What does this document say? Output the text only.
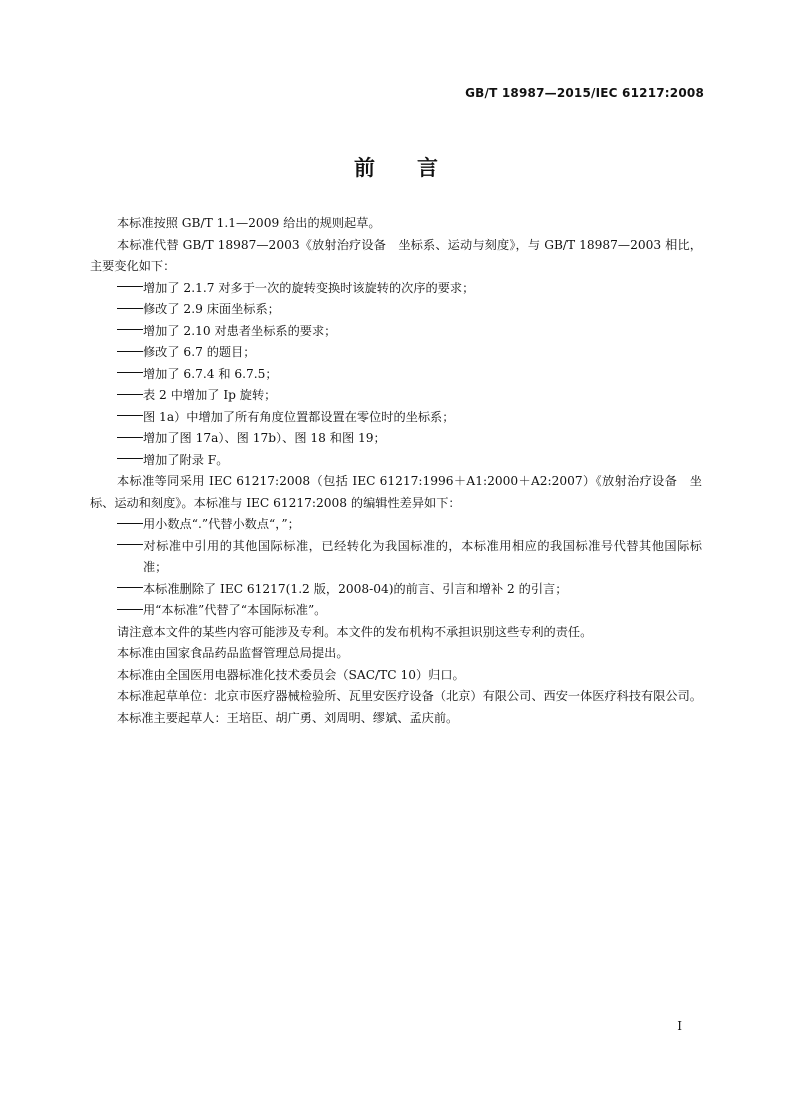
GB/T 18987—2015/IEC 61217:2008
前言
本标准按照 GB/T 1.1—2009 给出的规则起草。
本标准代替 GB/T 18987—2003《放射治疗设备　坐标系、运动与刻度》，与 GB/T 18987—2003 相比，主要变化如下：
增加了 2.1.7 对多于一次的旋转变换时该旋转的次序的要求；
修改了 2.9 床面坐标系；
增加了 2.10 对患者坐标系的要求；
修改了 6.7 的题目；
增加了 6.7.4 和 6.7.5；
表 2 中增加了 Ip 旋转；
图 1a）中增加了所有角度位置都设置在零位时的坐标系；
增加了图 17a）、图 17b）、图 18 和图 19；
增加了附录 F。
本标准等同采用 IEC 61217:2008（包括 IEC 61217:1996＋A1:2000＋A2:2007）《放射治疗设备　坐标、运动和刻度》。本标准与 IEC 61217:2008 的编辑性差异如下：
用小数点“.”代替小数点“，”；
对标准中引用的其他国际标准，已经转化为我国标准的，本标准用相应的我国标准号代替其他国际标准；
本标准删除了 IEC 61217(1.2 版，2008-04)的前言、引言和增补 2 的引言；
用“本标准”代替了“本国际标准”。
请注意本文件的某些内容可能涉及专利。本文件的发布机构不承担识别这些专利的责任。
本标准由国家食品药品监督管理总局提出。
本标准由全国医用电器标准化技术委员会（SAC/TC 10）归口。
本标准起草单位：北京市医疗器械检验所、瓦里安医疗设备（北京）有限公司、西安一体医疗科技有限公司。
本标准主要起草人：王培臣、胡广勇、刘周明、缪斌、孟庆前。
I
